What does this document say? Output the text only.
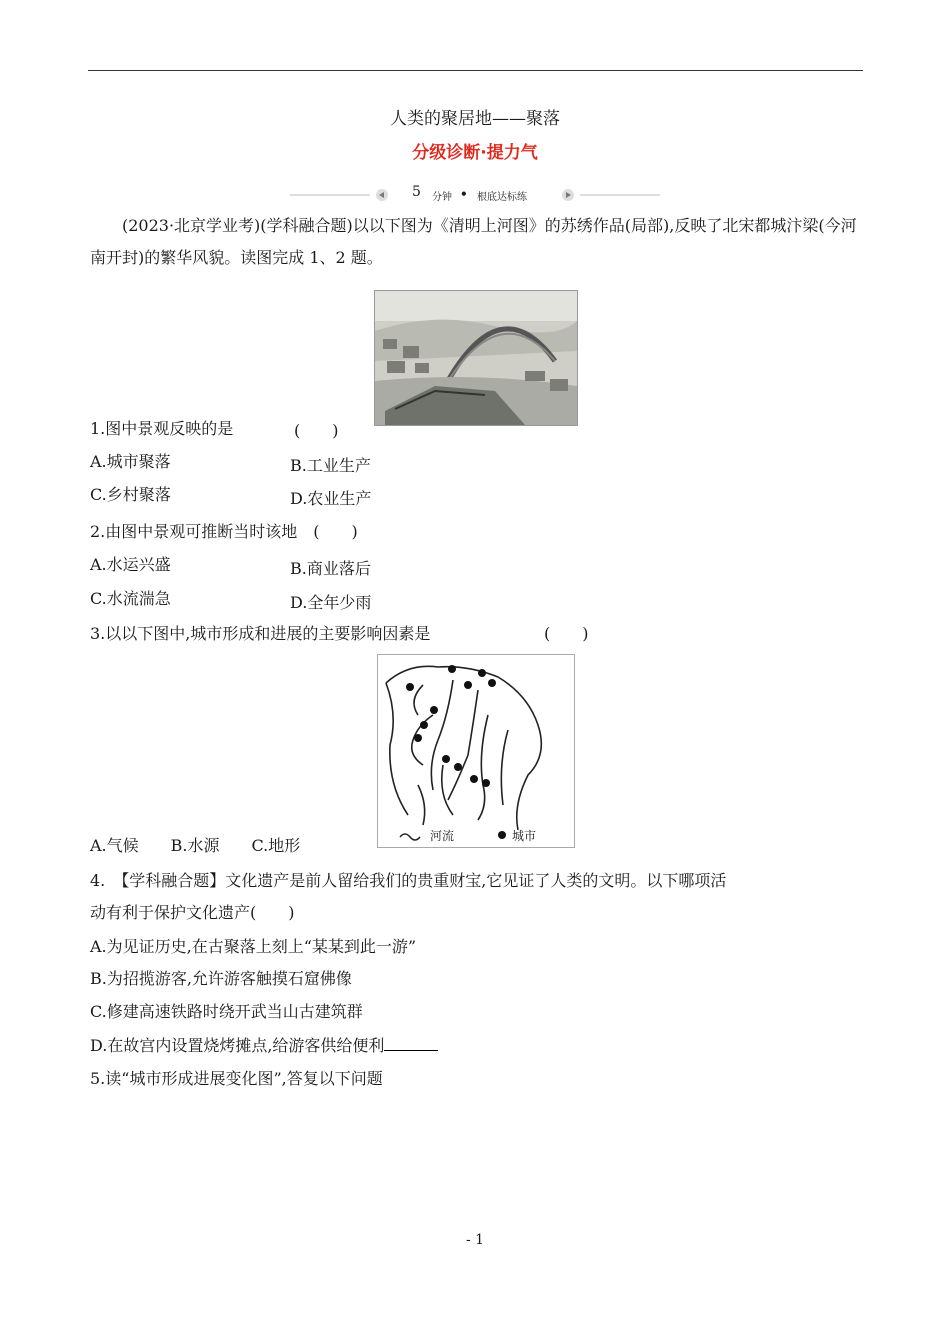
人类的聚居地——聚落
分级诊断·提力气
5 分钟 • 根底达标练
(2023·北京学业考)(学科融合题)以以下图为《清明上河图》的苏绣作品(局部),反映了北宋都城汴梁(今河南开封)的繁华风貌。读图完成 1、2 题。
1.图中景观反映的是	(　　)
A.城市聚落	B.工业生产
C.乡村聚落	D.农业生产
2.由图中景观可推断当时该地　(　　)
A.水运兴盛	B.商业落后
C.水流湍急	D.全年少雨
3.以以下图中,城市形成和进展的主要影响因素是	(　　)
河流	城市
A.气候　　B.水源　　C.地形
4.　【学科融合题】文化遗产是前人留给我们的贵重财宝,它见证了人类的文明。以下哪项活
动有利于保护文化遗产(　　)
A.为见证历史,在古聚落上刻上“某某到此一游”
B.为招揽游客,允许游客触摸石窟佛像
C.修建高速铁路时绕开武当山古建筑群
D.在故宫内设置烧烤摊点,给游客供给便利
5.读“城市形成进展变化图”,答复以下问题
- 1
